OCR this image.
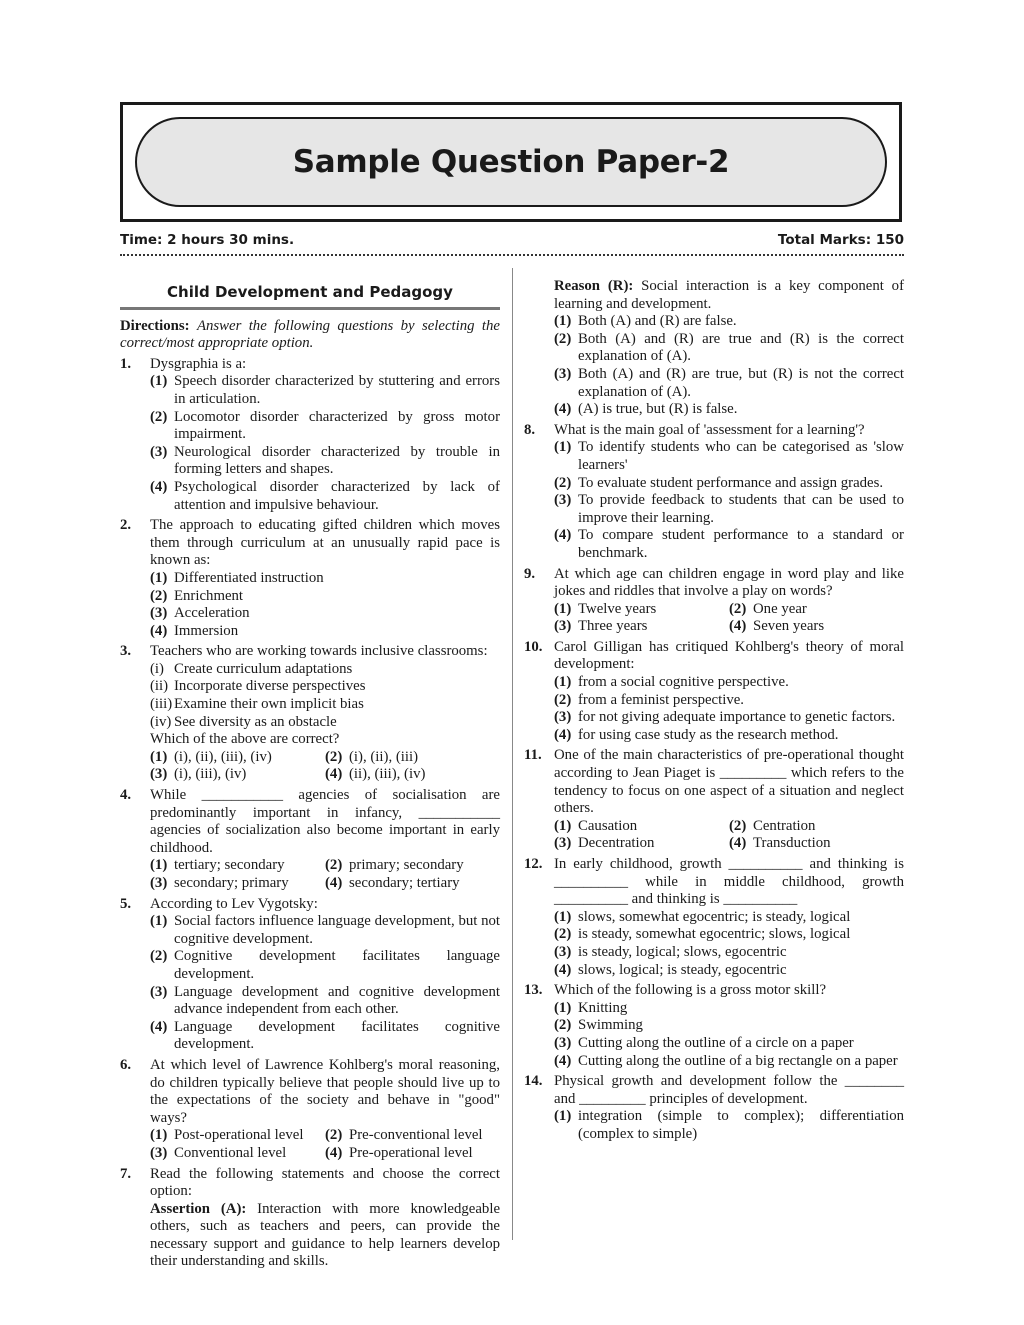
Sample Question Paper-2
Time: 2 hours 30 mins.	Total Marks: 150
Child Development and Pedagogy
Directions: Answer the following questions by selecting the correct/most appropriate option.
1. Dysgraphia is a:
(1) Speech disorder characterized by stuttering and errors in articulation.
(2) Locomotor disorder characterized by gross motor impairment.
(3) Neurological disorder characterized by trouble in forming letters and shapes.
(4) Psychological disorder characterized by lack of attention and impulsive behaviour.
2. The approach to educating gifted children which moves them through curriculum at an unusually rapid pace is known as:
(1) Differentiated instruction
(2) Enrichment
(3) Acceleration
(4) Immersion
3. Teachers who are working towards inclusive classrooms:
(i) Create curriculum adaptations
(ii) Incorporate diverse perspectives
(iii) Examine their own implicit bias
(iv) See diversity as an obstacle
Which of the above are correct?
(1) (i), (ii), (iii), (iv)	(2) (i), (ii), (iii)
(3) (i), (iii), (iv)	(4) (ii), (iii), (iv)
4. While ___________ agencies of socialisation are predominantly important in infancy, ___________ agencies of socialization also become important in early childhood.
(1) tertiary; secondary	(2) primary; secondary
(3) secondary; primary	(4) secondary; tertiary
5. According to Lev Vygotsky:
(1) Social factors influence language development, but not cognitive development.
(2) Cognitive development facilitates language development.
(3) Language development and cognitive development advance independent from each other.
(4) Language development facilitates cognitive development.
6. At which level of Lawrence Kohlberg's moral reasoning, do children typically believe that people should live up to the expectations of the society and behave in "good" ways?
(1) Post-operational level	(2) Pre-conventional level
(3) Conventional level	(4) Pre-operational level
7. Read the following statements and choose the correct option:
Assertion (A): Interaction with more knowledgeable others, such as teachers and peers, can provide the necessary support and guidance to help learners develop their understanding and skills.
Reason (R): Social interaction is a key component of learning and development.
(1) Both (A) and (R) are false.
(2) Both (A) and (R) are true and (R) is the correct explanation of (A).
(3) Both (A) and (R) are true, but (R) is not the correct explanation of (A).
(4) (A) is true, but (R) is false.
8. What is the main goal of 'assessment for a learning'?
(1) To identify students who can be categorised as 'slow learners'
(2) To evaluate student performance and assign grades.
(3) To provide feedback to students that can be used to improve their learning.
(4) To compare student performance to a standard or benchmark.
9. At which age can children engage in word play and like jokes and riddles that involve a play on words?
(1) Twelve years	(2) One year
(3) Three years	(4) Seven years
10. Carol Gilligan has critiqued Kohlberg's theory of moral development:
(1) from a social cognitive perspective.
(2) from a feminist perspective.
(3) for not giving adequate importance to genetic factors.
(4) for using case study as the research method.
11. One of the main characteristics of pre-operational thought according to Jean Piaget is _________ which refers to the tendency to focus on one aspect of a situation and neglect others.
(1) Causation	(2) Centration
(3) Decentration	(4) Transduction
12. In early childhood, growth __________ and thinking is __________ while in middle childhood, growth __________ and thinking is __________
(1) slows, somewhat egocentric; is steady, logical
(2) is steady, somewhat egocentric; slows, logical
(3) is steady, logical; slows, egocentric
(4) slows, logical; is steady, egocentric
13. Which of the following is a gross motor skill?
(1) Knitting
(2) Swimming
(3) Cutting along the outline of a circle on a paper
(4) Cutting along the outline of a big rectangle on a paper
14. Physical growth and development follow the ________ and _________ principles of development.
(1) integration (simple to complex); differentiation (complex to simple)
